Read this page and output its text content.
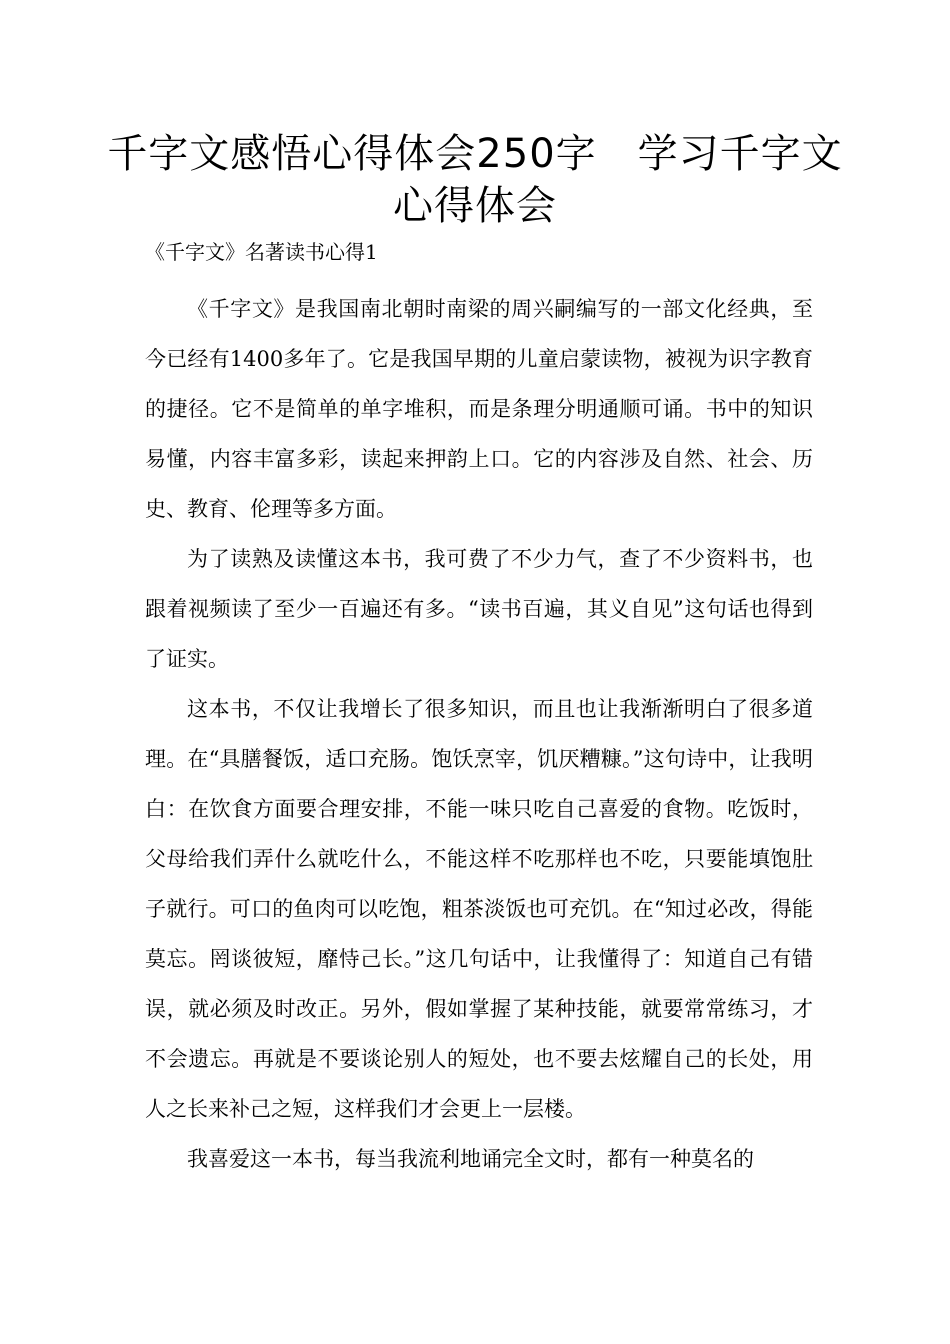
千字文感悟心得体会250字　学习千字文心得体会

《千字文》名著读书心得1

《千字文》是我国南北朝时南梁的周兴嗣编写的一部文化经典，至今已经有1400多年了。它是我国早期的儿童启蒙读物，被视为识字教育的捷径。它不是简单的单字堆积，而是条理分明通顺可诵。书中的知识易懂，内容丰富多彩，读起来押韵上口。它的内容涉及自然、社会、历史、教育、伦理等多方面。

为了读熟及读懂这本书，我可费了不少力气，查了不少资料书，也跟着视频读了至少一百遍还有多。“读书百遍，其义自见”这句话也得到了证实。

这本书，不仅让我增长了很多知识，而且也让我渐渐明白了很多道理。在“具膳餐饭，适口充肠。饱饫烹宰，饥厌糟糠。”这句诗中，让我明白：在饮食方面要合理安排，不能一味只吃自己喜爱的食物。吃饭时，父母给我们弄什么就吃什么，不能这样不吃那样也不吃，只要能填饱肚子就行。可口的鱼肉可以吃饱，粗茶淡饭也可充饥。在“知过必改，得能莫忘。罔谈彼短，靡恃己长。”这几句话中，让我懂得了：知道自己有错误，就必须及时改正。另外，假如掌握了某种技能，就要常常练习，才不会遗忘。再就是不要谈论别人的短处，也不要去炫耀自己的长处，用人之长来补己之短，这样我们才会更上一层楼。

我喜爱这一本书，每当我流利地诵完全文时，都有一种莫名的
